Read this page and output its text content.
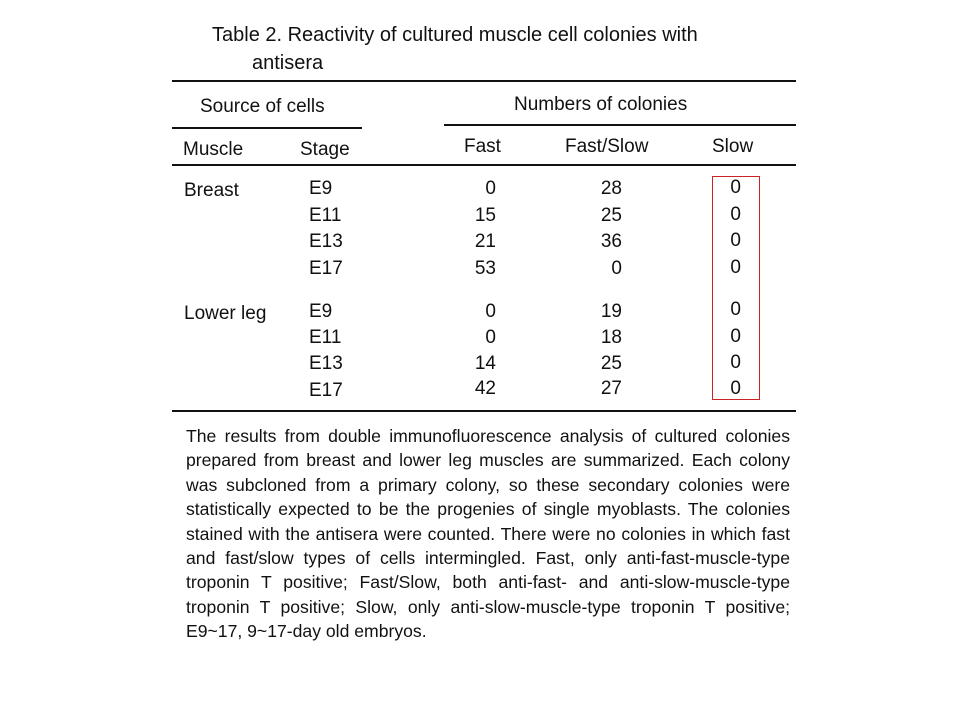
Table 2. Reactivity of cultured muscle cell colonies with
antisera
Source of cells	Numbers of colonies
Muscle	Stage	Fast	Fast/Slow	Slow
Breast	E9	0	28	0
E11	15	25	0
E13	21	36	0
E17	53	0	0
Lower leg E9	0	19	0
E11	0	18	0
E13	14	25	0
E17	42	27	0
The results from double immunofluorescence analysis of cultured colonies prepared from breast and lower leg muscles are summarized. Each colony was subcloned from a primary colony, so these secondary colonies were statistically expected to be the progenies of single myoblasts. The colonies stained with the antisera were counted. There were no colonies in which fast and fast/slow types of cells intermingled. Fast, only anti-fast-muscle-type troponin T positive; Fast/Slow, both anti-fast- and anti-slow-muscle-type troponin T positive; Slow, only anti-slow-muscle-type troponin T positive; E9~17, 9~17-day old embryos.
